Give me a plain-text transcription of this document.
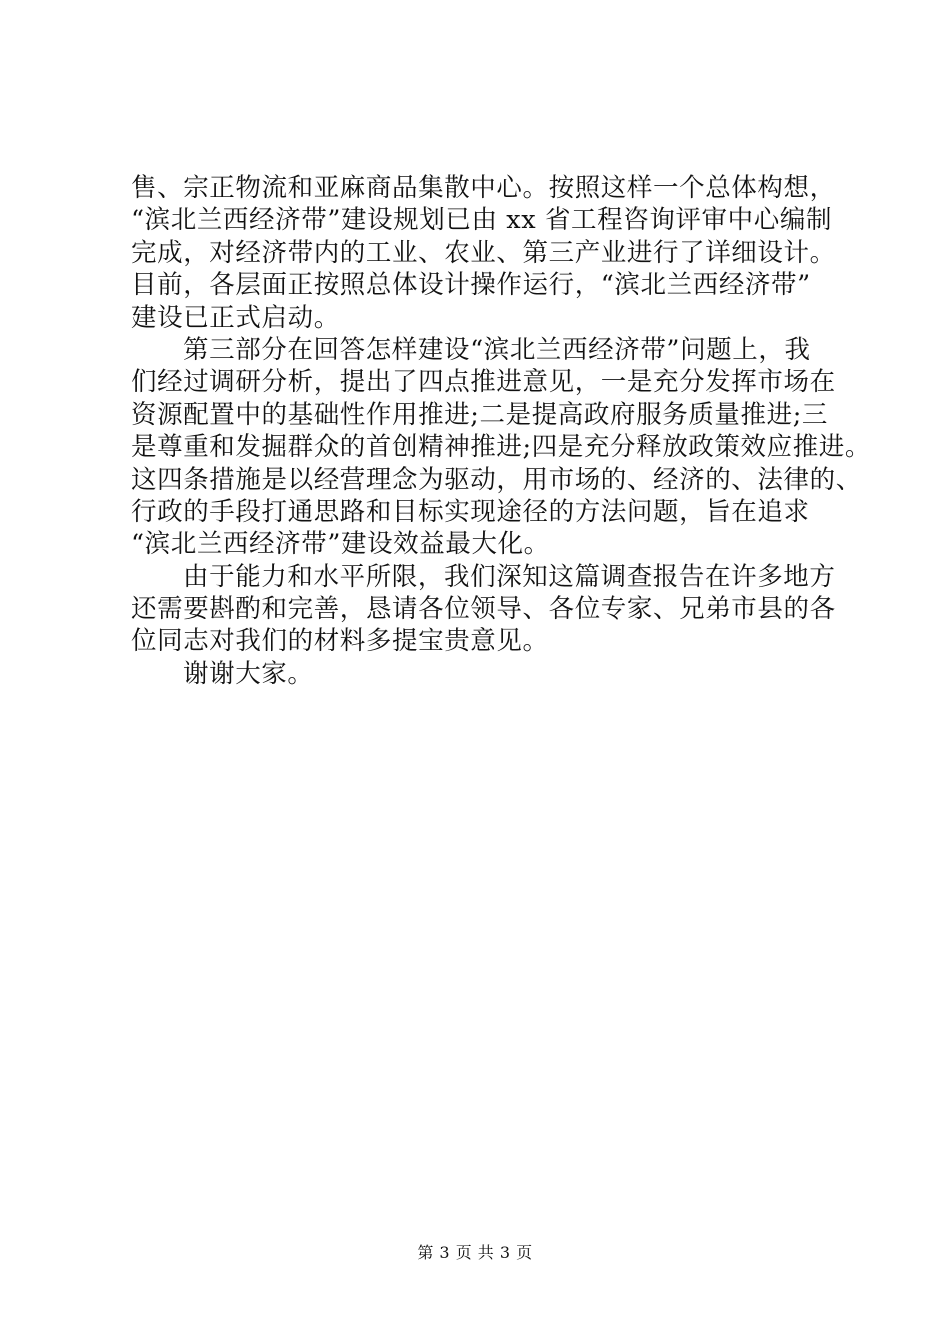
售、宗正物流和亚麻商品集散中心。按照这样一个总体构想，
“滨北兰西经济带”建设规划已由 xx 省工程咨询评审中心编制
完成，对经济带内的工业、农业、第三产业进行了详细设计。
目前，各层面正按照总体设计操作运行，“滨北兰西经济带”
建设已正式启动。
第三部分在回答怎样建设“滨北兰西经济带”问题上，我
们经过调研分析，提出了四点推进意见，一是充分发挥市场在
资源配置中的基础性作用推进;二是提高政府服务质量推进;三
是尊重和发掘群众的首创精神推进;四是充分释放政策效应推进。
这四条措施是以经营理念为驱动，用市场的、经济的、法律的、
行政的手段打通思路和目标实现途径的方法问题，旨在追求
“滨北兰西经济带”建设效益最大化。
由于能力和水平所限，我们深知这篇调查报告在许多地方
还需要斟酌和完善，恳请各位领导、各位专家、兄弟市县的各
位同志对我们的材料多提宝贵意见。
谢谢大家。
第 3 页 共 3 页
